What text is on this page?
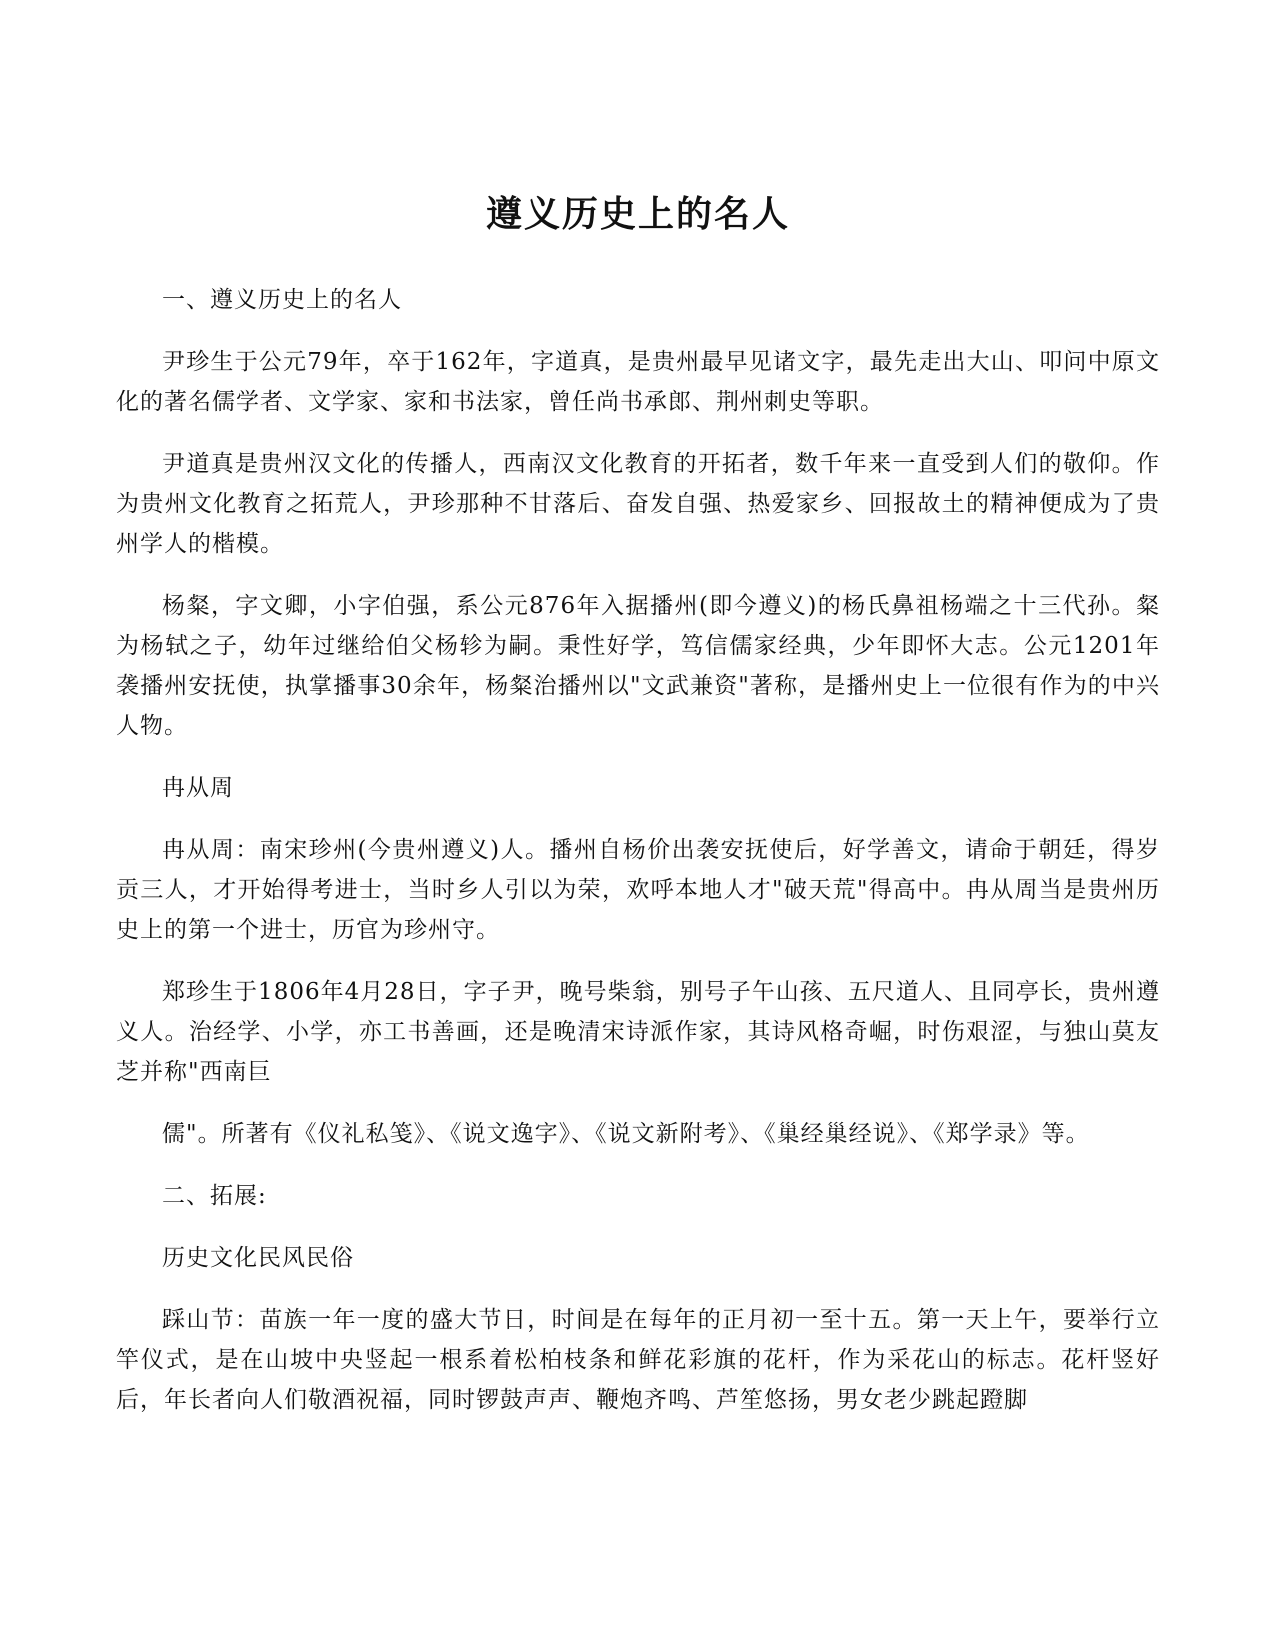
遵义历史上的名人

一、遵义历史上的名人

尹珍生于公元79年，卒于162年，字道真，是贵州最早见诸文字，最先走出大山、叩问中原文化的著名儒学者、文学家、家和书法家，曾任尚书承郎、荆州刺史等职。

尹道真是贵州汉文化的传播人，西南汉文化教育的开拓者，数千年来一直受到人们的敬仰。作为贵州文化教育之拓荒人，尹珍那种不甘落后、奋发自强、热爱家乡、回报故土的精神便成为了贵州学人的楷模。

杨粲，字文卿，小字伯强，系公元876年入据播州(即今遵义)的杨氏鼻祖杨端之十三代孙。粲为杨轼之子，幼年过继给伯父杨轸为嗣。秉性好学，笃信儒家经典，少年即怀大志。公元1201年袭播州安抚使，执掌播事30余年，杨粲治播州以"文武兼资"著称，是播州史上一位很有作为的中兴人物。

冉从周

冉从周：南宋珍州(今贵州遵义)人。播州自杨价出袭安抚使后，好学善文，请命于朝廷，得岁贡三人，才开始得考进士，当时乡人引以为荣，欢呼本地人才"破天荒"得高中。冉从周当是贵州历史上的第一个进士，历官为珍州守。

郑珍生于1806年4月28日，字子尹，晚号柴翁，别号子午山孩、五尺道人、且同亭长，贵州遵义人。治经学、小学，亦工书善画，还是晚清宋诗派作家，其诗风格奇崛，时伤艰涩，与独山莫友芝并称"西南巨

儒"。所著有《仪礼私笺》、《说文逸字》、《说文新附考》、《巢经巢经说》、《郑学录》等。

二、拓展:

历史文化民风民俗

踩山节：苗族一年一度的盛大节日，时间是在每年的正月初一至十五。第一天上午，要举行立竿仪式，是在山坡中央竖起一根系着松柏枝条和鲜花彩旗的花杆，作为采花山的标志。花杆竖好后，年长者向人们敬酒祝福，同时锣鼓声声、鞭炮齐鸣、芦笙悠扬，男女老少跳起蹬脚
